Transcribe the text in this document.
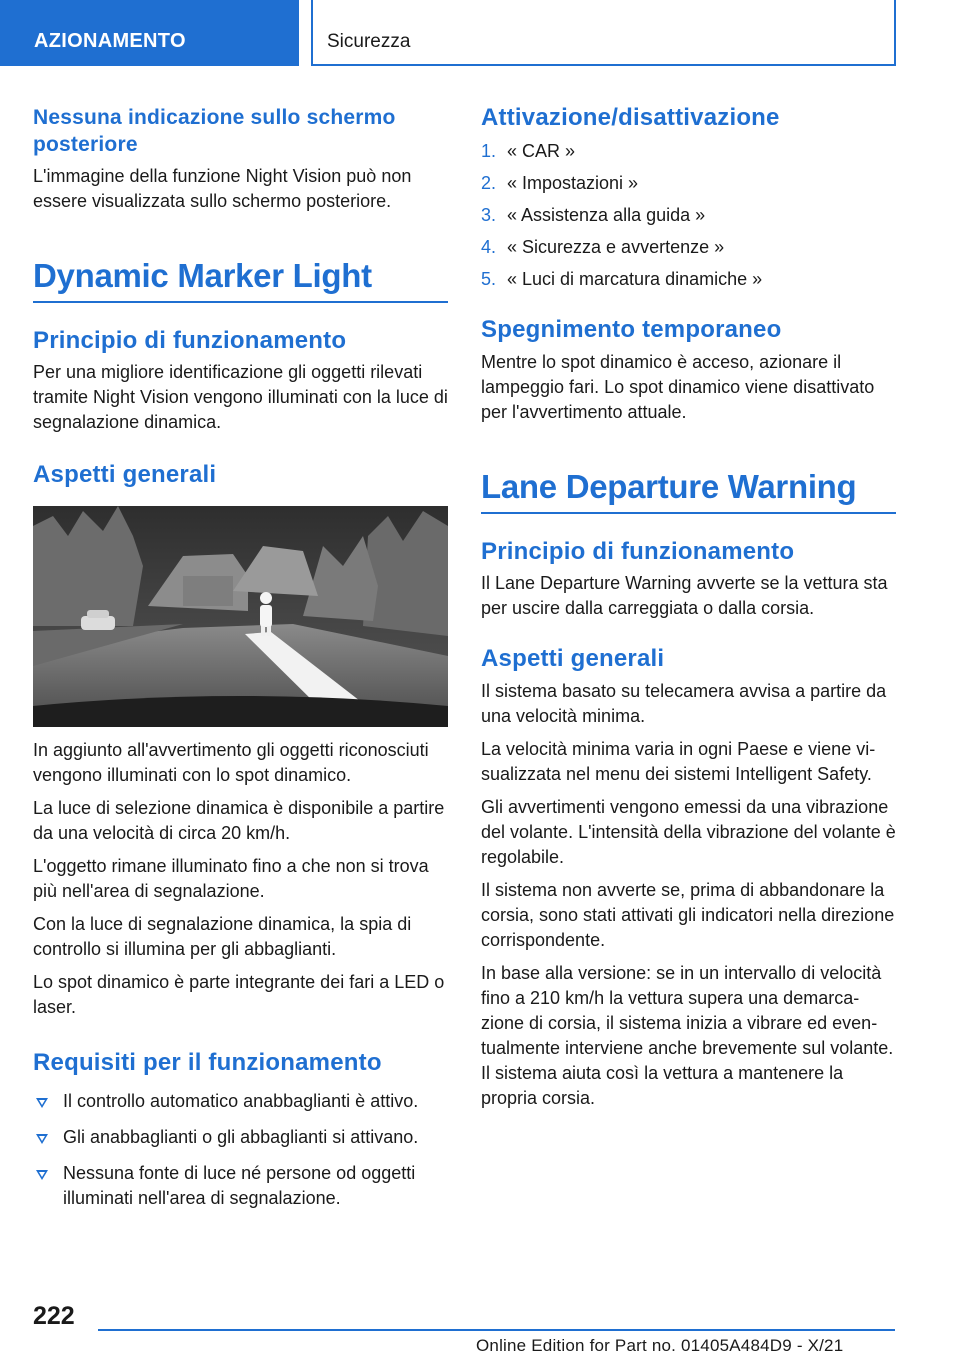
AZIONAMENTO	Sicurezza
Nessuna indicazione sullo schermo posteriore

L'immagine della funzione Night Vision può non essere visualizzata sullo schermo posteriore.

Dynamic Marker Light
Principio di funzionamento

Per una migliore identificazione gli oggetti rilevati tramite Night Vision vengono illuminati con la luce di segnalazione dinamica.

Aspetti generali

In aggiunto all'avvertimento gli oggetti riconosciuti vengono illuminati con lo spot dinamico.

La luce di selezione dinamica è disponibile a partire da una velocità di circa 20 km/h.

L'oggetto rimane illuminato fino a che non si trova più nell'area di segnalazione.

Con la luce di segnalazione dinamica, la spia di controllo si illumina per gli abbaglianti.

Lo spot dinamico è parte integrante dei fari a LED o laser.

Requisiti per il funzionamento
Il controllo automatico anabbaglianti è attivo.
Gli anabbaglianti o gli abbaglianti si attivano.
Nessuna fonte di luce né persone od oggetti illuminati nell'area di segnalazione.
Attivazione/disattivazione
1. « CAR »
2. « Impostazioni »
3. « Assistenza alla guida »
4. « Sicurezza e avvertenze »
5. « Luci di marcatura dinamiche »
Spegnimento temporaneo

Mentre lo spot dinamico è acceso, azionare il lampeggio fari. Lo spot dinamico viene disattivato per l'avvertimento attuale.

Lane Departure Warning
Principio di funzionamento

Il Lane Departure Warning avverte se la vettura sta per uscire dalla carreggiata o dalla corsia.

Aspetti generali

Il sistema basato su telecamera avvisa a partire da una velocità minima.

La velocità minima varia in ogni Paese e viene visualizzata nel menu dei sistemi Intelligent Safety.

Gli avvertimenti vengono emessi da una vibrazione del volante. L'intensità della vibrazione del volante è regolabile.

Il sistema non avverte se, prima di abbandonare la corsia, sono stati attivati gli indicatori nella direzione corrispondente.

In base alla versione: se in un intervallo di velocità fino a 210 km/h la vettura supera una demarcazione di corsia, il sistema inizia a vibrare ed eventualmente interviene anche brevemente sul volante. Il sistema aiuta così la vettura a mantenere la propria corsia.

222
Online Edition for Part no. 01405A484D9 - X/21
